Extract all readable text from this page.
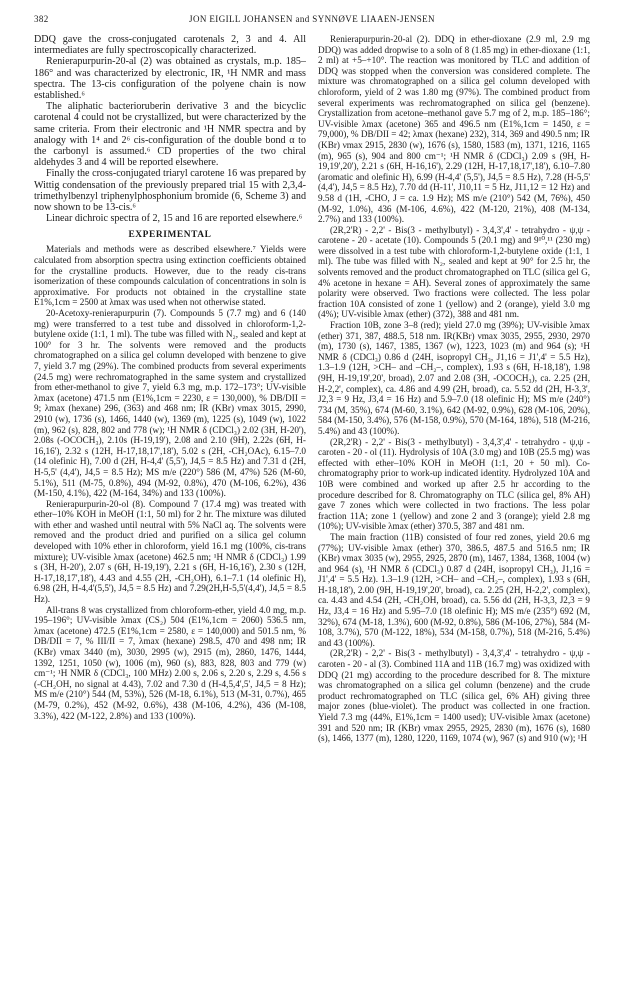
382	JON EIGILL JOHANSEN and SYNNØVE LIAAEN-JENSEN

DDQ gave the cross-conjugated carotenals 2, 3 and 4. All intermediates are fully spectroscopically characterized.

Renierapurpurin-20-al (2) was obtained as crystals, m.p. 185–186° and was characterized by electronic, IR, ¹H NMR and mass spectra. The 13-cis configuration of the polyene chain is now established.⁶

The aliphatic bacterioruberin derivative 3 and the bicyclic carotenal 4 could not be crystallized, but were characterized by the same criteria. From their electronic and ¹H NMR spectra and by analogy with 1⁴ and 2⁶ cis-configuration of the double bond α to the carbonyl is assumed.⁶ CD properties of the two chiral aldehydes 3 and 4 will be reported elsewhere.

Finally the cross-conjugated triaryl carotene 16 was prepared by Wittig condensation of the previously prepared trial 15 with 2,3,4-trimethylbenzyl triphenylphosphonium bromide (6, Scheme 3) and now shown to be 13-cis.⁶

Linear dichroic spectra of 2, 15 and 16 are reported elsewhere.⁶

EXPERIMENTAL

Materials and methods were as described elsewhere.⁷ Yields were calculated from absorption spectra using extinction coefficients obtained for the crystalline products. However, due to the ready cis-trans isomerization of these compounds calculation of concentrations in soln is approximative. For products not obtained in the crystalline state E1%,1cm = 2500 at λmax was used when not otherwise stated.

20-Acetoxy-renierapurpurin (7). Compounds 5 (7.7 mg) and 6 (140 mg) were transferred to a test tube and dissolved in chloroform-1,2-butylene oxide (1:1, 1 ml). The tube was filled with N₂, sealed and kept at 100° for 3 hr. The solvents were removed and the products chromatographed on a silica gel column developed with benzene to give 7, yield 3.7 mg (29%). The combined products from several experiments (24.5 mg) were rechromatographed in the same system and crystallized from ether-methanol to give 7, yield 6.3 mg, m.p. 172–173°; UV-visible λmax (acetone) 471.5 nm (E1%,1cm = 2230, ε = 130,000), % DB/DII = 9; λmax (hexane) 296, (363) and 468 nm; IR (KBr) νmax 3015, 2990, 2910 (w), 1736 (s), 1466, 1440 (w), 1369 (m), 1225 (s), 1049 (w), 1022 (m), 962 (s), 828, 802 and 778 (w); ¹H NMR δ (CDCl₃) 2.02 (3H, H-20'), 2.08s (-OCOCH₃), 2.10s (H-19,19'), 2.08 and 2.10 (9H), 2.22s (6H, H-16,16'), 2.32 s (12H, H-17,18,17',18'), 5.02 s (2H, -CH₂OAc), 6.15–7.0 (14 olefinic H), 7.00 d (2H, H-4,4' (5,5'), J4,5 = 8.5 Hz) and 7.31 d (2H, H-5,5' (4,4'), J4,5 = 8.5 Hz); MS m/e (220°) 586 (M, 47%) 526 (M-60, 5.1%), 511 (M-75, 0.8%), 494 (M-92, 0.8%), 470 (M-106, 6.2%), 436 (M-150, 4.1%), 422 (M-164, 34%) and 133 (100%).

Renierapurpurin-20-ol (8). Compound 7 (17.4 mg) was treated with ether–10% KOH in MeOH (1:1, 50 ml) for 2 hr. The mixture was diluted with ether and washed until neutral with 5% NaCl aq. The solvents were removed and the product dried and purified on a silica gel column developed with 10% ether in chloroform, yield 16.1 mg (100%, cis-trans mixture); UV-visible λmax (acetone) 462.5 nm; ¹H NMR δ (CDCl₃) 1.99 s (3H, H-20'), 2.07 s (6H, H-19,19'), 2.21 s (6H, H-16,16'), 2.30 s (12H, H-17,18,17',18'), 4.43 and 4.55 (2H, -CH₂OH), 6.1–7.1 (14 olefinic H), 6.98 (2H, H-4,4'(5,5'), J4,5 = 8.5 Hz) and 7.29(2H,H-5,5'(4,4'), J4,5 = 8.5 Hz).

All-trans 8 was crystallized from chloroform-ether, yield 4.0 mg, m.p. 195–196°; UV-visible λmax (CS₂) 504 (E1%,1cm = 2060) 536.5 nm, λmax (acetone) 472.5 (E1%,1cm = 2580, ε = 140,000) and 501.5 nm, % DB/DII = 7, % III/II = 7, λmax (hexane) 298.5, 470 and 498 nm; IR (KBr) νmax 3440 (m), 3030, 2995 (w), 2915 (m), 2860, 1476, 1444, 1392, 1251, 1050 (w), 1006 (m), 960 (s), 883, 828, 803 and 779 (w) cm⁻¹; ¹H NMR δ (CDCl₃, 100 MHz) 2.00 s, 2.06 s, 2.20 s, 2.29 s, 4.56 s (-CH₂OH, no signal at 4.43), 7.02 and 7.30 d (H-4,5,4',5', J4,5 = 8 Hz); MS m/e (210°) 544 (M, 53%), 526 (M-18, 6.1%), 513 (M-31, 0.7%), 465 (M-79, 0.2%), 452 (M-92, 0.6%), 438 (M-106, 4.2%), 436 (M-108, 3.3%), 422 (M-122, 2.8%) and 133 (100%).

Renierapurpurin-20-al (2). DDQ in ether-dioxane (2.9 ml, 2.9 mg DDQ) was added dropwise to a soln of 8 (1.85 mg) in ether-dioxane (1:1, 2 ml) at +5–+10°. The reaction was monitored by TLC and addition of DDQ was stopped when the conversion was considered complete. The mixture was chromatographed on a silica gel column developed with chloroform, yield of 2 was 1.80 mg (97%). The combined product from several experiments was rechromatographed on silica gel (benzene). Crystallization from acetone–methanol gave 5.7 mg of 2, m.p. 185–186°; UV-visible λmax (acetone) 365 and 496.5 nm (E1%,1cm = 1450, ε = 79,000), % DB/DII = 42; λmax (hexane) 232), 314, 369 and 490.5 nm; IR (KBr) νmax 2915, 2830 (w), 1676 (s), 1580, 1583 (m), 1371, 1216, 1165 (m), 965 (s), 904 and 800 cm⁻¹; ¹H NMR δ (CDCl₃) 2.09 s (9H, H-19,19',20'), 2.21 s (6H, H-16,16'), 2.29 (12H, H-17,18,17',18'), 6.10–7.80 (aromatic and olefinic H), 6.99 (H-4,4' (5,5'), J4,5 = 8.5 Hz), 7.28 (H-5,5' (4,4'), J4,5 = 8.5 Hz), 7.70 dd (H-11', J10,11 = 5 Hz, J11,12 = 12 Hz) and 9.58 d (1H, -CHO, J = ca. 1.9 Hz); MS m/e (210°) 542 (M, 76%), 450 (M-92, 1.0%), 436 (M-106, 4.6%), 422 (M-120, 21%), 408 (M-134, 2.7%) and 133 (100%).

(2R,2'R) - 2,2' - Bis(3 - methylbutyl) - 3,4,3',4' - tetrahydro - ψ,ψ - carotene - 20 - acetate (10). Compounds 5 (20.1 mg) and 9¹⁰,¹¹ (230 mg) were dissolved in a test tube with chloroform-1,2-butylene oxide (1:1, 1 ml). The tube was filled with N₂, sealed and kept at 90° for 2.5 hr, the solvents removed and the product chromatographed on TLC (silica gel G, 4% acetone in hexane = AH). Several zones of approximately the same polarity were observed. Two fractions were collected. The less polar fraction 10A consisted of zone 1 (yellow) and 2 (orange), yield 3.0 mg (4%); UV-visible λmax (ether) (372), 388 and 481 nm.

Fraction 10B, zone 3–8 (red); yield 27.0 mg (39%); UV-visible λmax (ether) 371, 387, 488.5, 518 nm. IR(KBr) νmax 3035, 2955, 2930, 2970 (m), 1730 (s), 1467, 1385, 1367 (w), 1223, 1023 (m) and 964 (s); ¹H NMR δ (CDCl₃) 0.86 d (24H, isopropyl CH₃, J1,16 = J1',4' = 5.5 Hz), 1.3–1.9 (12H, >CH– and –CH₂–, complex), 1.93 s (6H, H-18,18'), 1.98 (9H, H-19,19',20', broad), 2.07 and 2.08 (3H, -OCOCH₃), ca. 2.25 (2H, H-2,2', complex), ca. 4.86 and 4.99 (2H, broad), ca. 5.52 dd (2H, H-3,3', J2,3 = 9 Hz, J3,4 = 16 Hz) and 5.9–7.0 (18 olefinic H); MS m/e (240°) 734 (M, 35%), 674 (M-60, 3.1%), 642 (M-92, 0.9%), 628 (M-106, 20%), 584 (M-150, 3.4%), 576 (M-158, 0.9%), 570 (M-164, 18%), 518 (M-216, 5.4%) and 43 (100%).

(2R,2'R) - 2,2' - Bis(3 - methylbutyl) - 3,4,3',4' - tetrahydro - ψ,ψ - caroten - 20 - ol (11). Hydrolysis of 10A (3.0 mg) and 10B (25.5 mg) was effected with ether–10% KOH in MeOH (1:1, 20 + 50 ml). Co-chromatography prior to work-up indicated identity. Hydrolyzed 10A and 10B were combined and worked up after 2.5 hr according to the procedure described for 8. Chromatography on TLC (silica gel, 8% AH) gave 7 zones which were collected in two fractions. The less polar fraction 11A; zone 1 (yellow) and zone 2 and 3 (orange); yield 2.8 mg (10%); UV-visible λmax (ether) 370.5, 387 and 481 nm.

The main fraction (11B) consisted of four red zones, yield 20.6 mg (77%); UV-visible λmax (ether) 370, 386.5, 487.5 and 516.5 nm; IR (KBr) νmax 3035 (w), 2955, 2925, 2870 (m), 1467, 1384, 1368, 1004 (w) and 964 (s), ¹H NMR δ (CDCl₃) 0.87 d (24H, isopropyl CH₃), J1,16 = J1',4' = 5.5 Hz). 1.3–1.9 (12H, >CH– and –CH₂–, complex), 1.93 s (6H, H-18,18'), 2.00 (9H, H-19,19',20', broad), ca. 2.25 (2H, H-2,2', complex), ca. 4.43 and 4.54 (2H, -CH₂OH, broad), ca. 5.56 dd (2H, H-3,3, J2,3 = 9 Hz, J3,4 = 16 Hz) and 5.95–7.0 (18 olefinic H); MS m/e (235°) 692 (M, 32%), 674 (M-18, 1.3%), 600 (M-92, 0.8%), 586 (M-106, 27%), 584 (M-108, 3.7%), 570 (M-122, 18%), 534 (M-158, 0.7%), 518 (M-216, 5.4%) and 43 (100%).

(2R,2'R) - 2,2' - Bis(3 - methylbutyl) - 3,4,3',4' - tetrahydro - ψ,ψ - caroten - 20 - al (3). Combined 11A and 11B (16.7 mg) was oxidized with DDQ (21 mg) according to the procedure described for 8. The mixture was chromatographed on a silica gel column (benzene) and the crude product rechromatographed on TLC (silica gel, 6% AH) giving three major zones (blue-violet). The product was collected in one fraction. Yield 7.3 mg (44%, E1%,1cm = 1400 used); UV-visible λmax (acetone) 391 and 520 nm; IR (KBr) νmax 2955, 2925, 2830 (m), 1676 (s), 1680 (s), 1466, 1377 (m), 1280, 1220, 1169, 1074 (w), 967 (s) and 910 (w); ¹H
